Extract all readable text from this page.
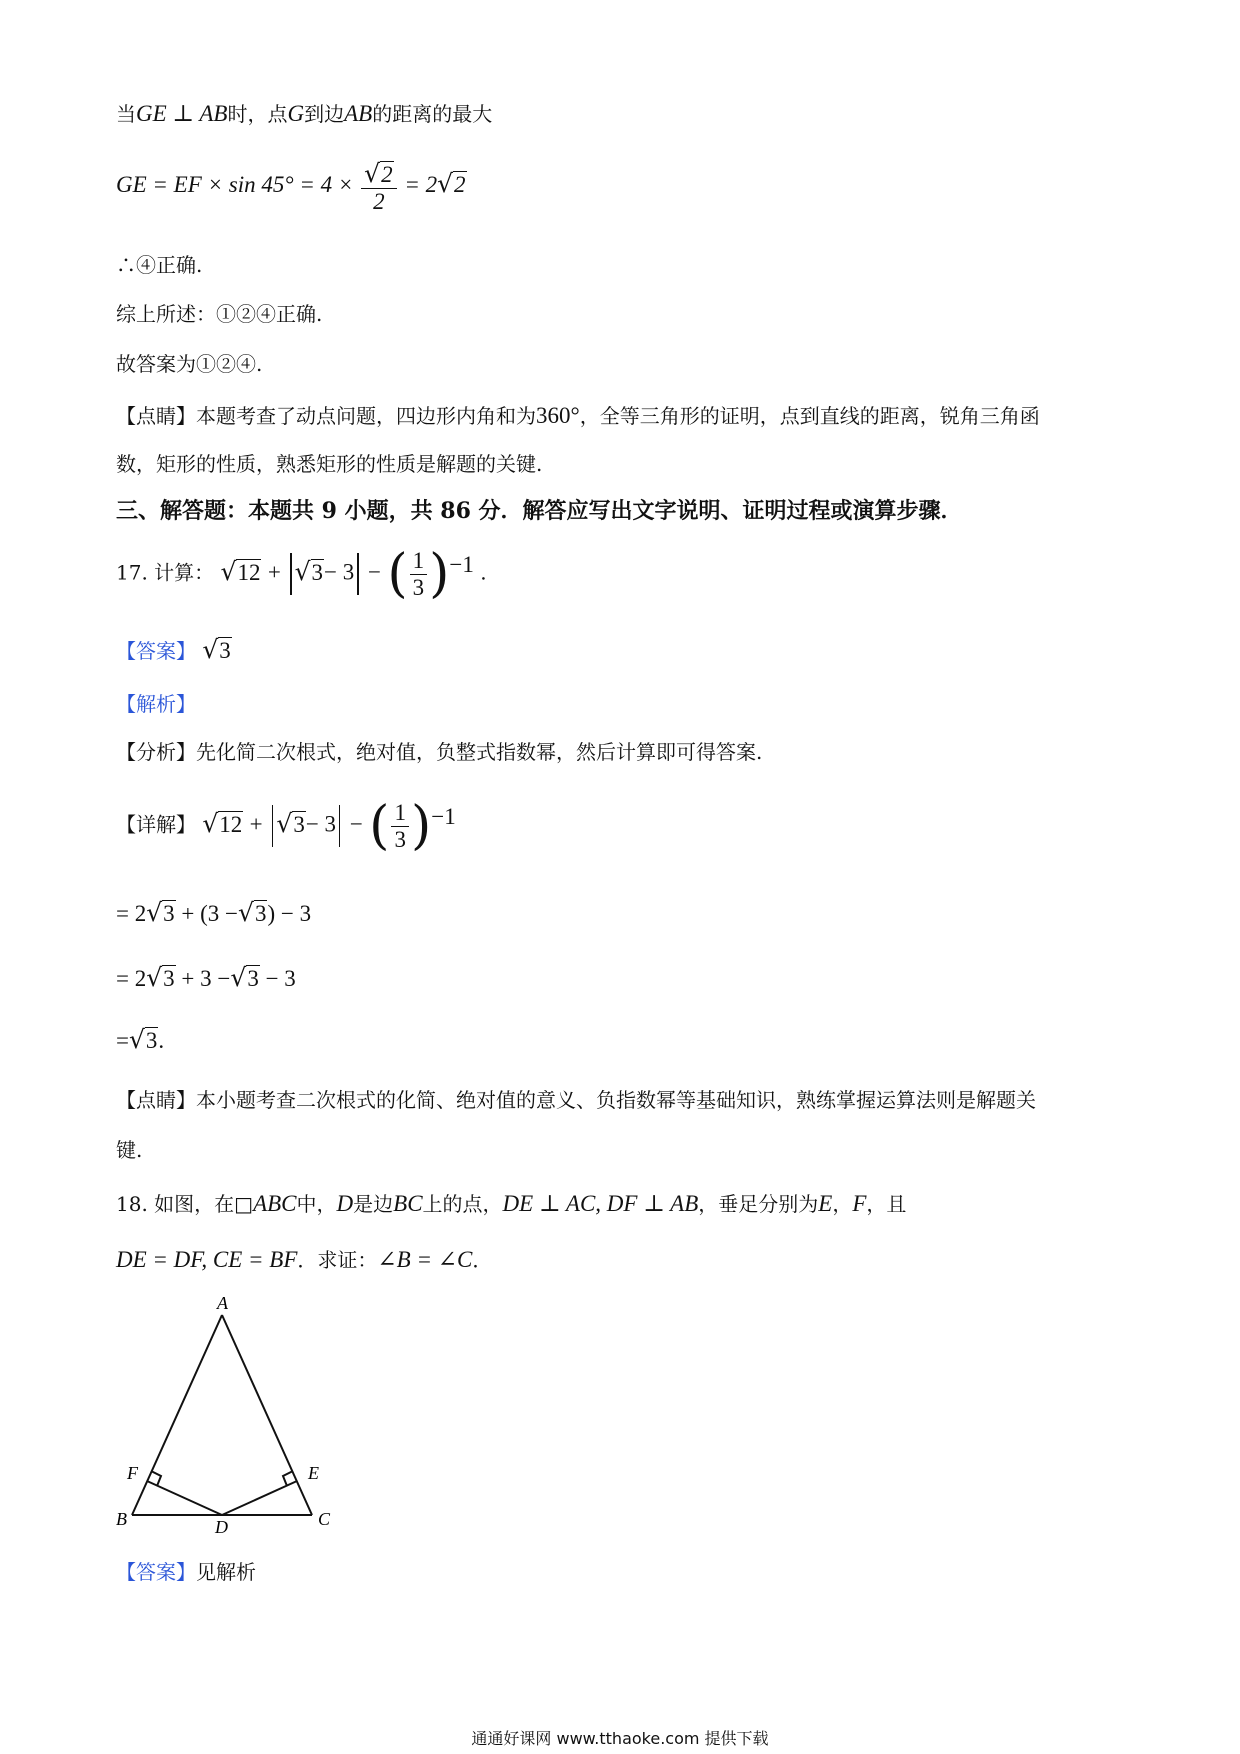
当GE ⊥ AB时，点G到边AB的距离的最大
GE = EF × $\sin 45^\circ = 4 \times \frac{√2}{2} = 2√2$
∴④正确.
综上所述：①②④正确.
故答案为①②④.
【点睛】本题考查了动点问题，四边形内角和为360°，全等三角形的证明，点到直线的距离，锐角三角函
数，矩形的性质，熟悉矩形的性质是解题的关键.
三、解答题：本题共 9 小题，共 86 分．解答应写出文字说明、证明过程或演算步骤．
17. 计算： √12 + √3− 3 − ( $\frac{1}{3} )^{-1}$ .
【答案】 √3
【解析】
【分析】先化简二次根式，绝对值，负整式指数幂，然后计算即可得答案.
【详解】 √12 + √3− 3 − ( $\frac{1}{3} )^{-1}$
= 2√3 + (3 −√3) − 3
= 2√3 + 3 −√3 − 3
=√3.
【点睛】本小题考查二次根式的化简、绝对值的意义、负指数幂等基础知识，熟练掌握运算法则是解题关
键.
18. 如图，在□ABC中，D是边BC上的点，DE ⊥ AC, DF ⊥ AB，垂足分别为E，F，且
DE = DF, CE = BF．求证：∠B = ∠C．
A
B	C
D
E
F
【答案】见解析
通通好课网 www.tthaoke.com 提供下载
